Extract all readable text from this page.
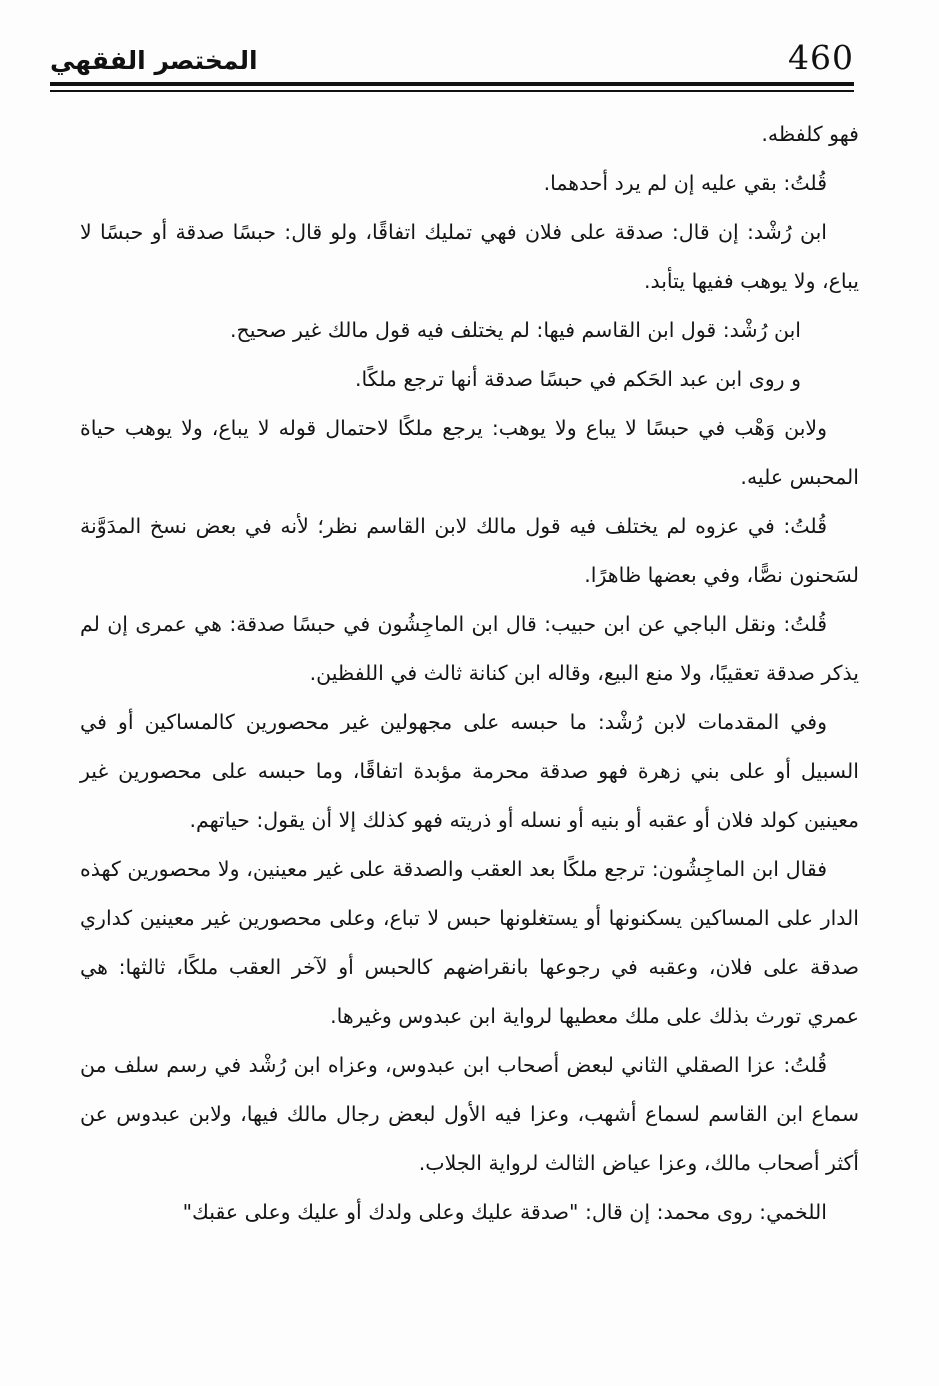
460
المختصر الفقهي

فهو كلفظه.

قُلتُ: بقي عليه إن لم يرد أحدهما.

ابن رُشْد: إن قال: صدقة على فلان فهي تمليك اتفاقًا، ولو قال: حبسًا صدقة أو حبسًا لا يباع، ولا يوهب ففيها يتأبد.

ابن رُشْد: قول ابن القاسم فيها: لم يختلف فيه قول مالك غير صحيح.

و روى ابن عبد الحَكم في حبسًا صدقة أنها ترجع ملكًا.

ولابن وَهْب في حبسًا لا يباع ولا يوهب: يرجع ملكًا لاحتمال قوله لا يباع، ولا يوهب حياة المحبس عليه.

قُلتُ: في عزوه لم يختلف فيه قول مالك لابن القاسم نظر؛ لأنه في بعض نسخ المدَوَّنة لسَحنون نصًّا، وفي بعضها ظاهرًا.

قُلتُ: ونقل الباجي عن ابن حبيب: قال ابن الماجِشُون في حبسًا صدقة: هي عمرى إن لم يذكر صدقة تعقيبًا، ولا منع البيع، وقاله ابن كنانة ثالث في اللفظين.

وفي المقدمات لابن رُشْد: ما حبسه على مجهولين غير محصورين كالمساكين أو في السبيل أو على بني زهرة فهو صدقة محرمة مؤبدة اتفاقًا، وما حبسه على محصورين غير معينين كولد فلان أو عقبه أو بنيه أو نسله أو ذريته فهو كذلك إلا أن يقول: حياتهم.

فقال ابن الماجِشُون: ترجع ملكًا بعد العقب والصدقة على غير معينين، ولا محصورين كهذه الدار على المساكين يسكنونها أو يستغلونها حبس لا تباع، وعلى محصورين غير معينين كداري صدقة على فلان، وعقبه في رجوعها بانقراضهم كالحبس أو لآخر العقب ملكًا، ثالثها: هي عمري تورث بذلك على ملك معطيها لرواية ابن عبدوس وغيرها.

قُلتُ: عزا الصقلي الثاني لبعض أصحاب ابن عبدوس، وعزاه ابن رُشْد في رسم سلف من سماع ابن القاسم لسماع أشهب، وعزا فيه الأول لبعض رجال مالك فيها، ولابن عبدوس عن أكثر أصحاب مالك، وعزا عياض الثالث لرواية الجلاب.

اللخمي: روى محمد: إن قال: "صدقة عليك وعلى ولدك أو عليك وعلى عقبك"
